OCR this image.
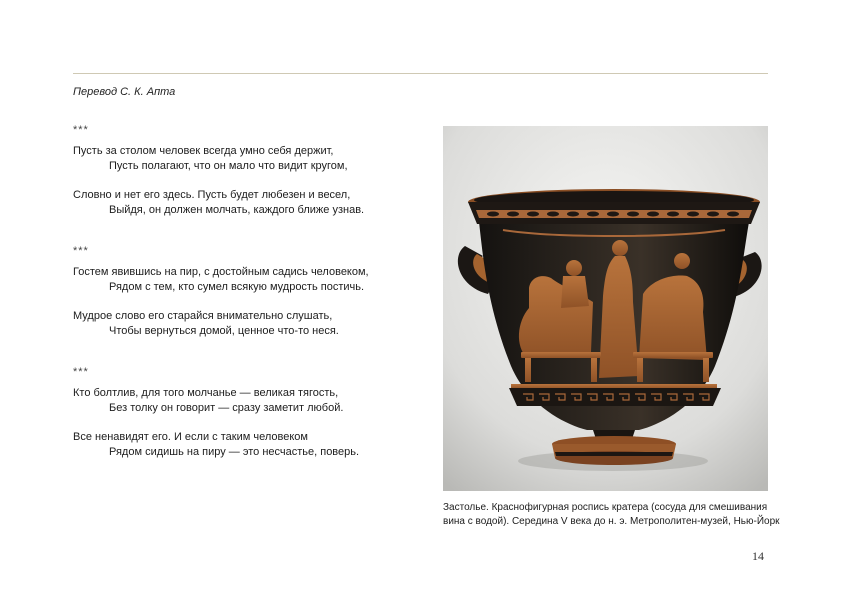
Перевод С. К. Апта
***
Пусть за столом человек всегда умно себя держит,
Пусть полагают, что он мало что видит кругом,
Словно и нет его здесь. Пусть будет любезен и весел,
Выйдя, он должен молчать, каждого ближе узнав.
***
Гостем явившись на пир, с достойным садись человеком,
Рядом с тем, кто сумел всякую мудрость постичь.
Мудрое слово его старайся внимательно слушать,
Чтобы вернуться домой, ценное что-то неся.
***
Кто болтлив, для того молчанье — великая тягость,
Без толку он говорит — сразу заметит любой.
Все ненавидят его. И если с таким человеком
Рядом сидишь на пиру — это несчастье, поверь.
Застолье. Краснофигурная роспись кратера (сосуда для смешивания
вина с водой). Середина V века до н. э. Метрополитен-музей, Нью-Йорк
14
